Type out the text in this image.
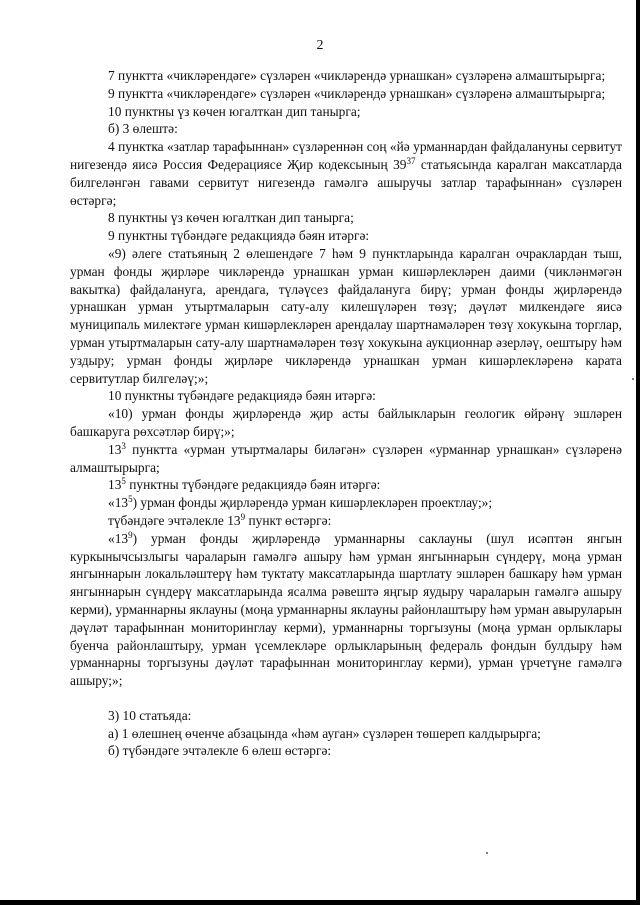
2

7 пунктта «чикләрендәге» сүзләрен «чикләрендә урнашкан» сүзләренә алмаштырырга;

9 пунктта «чикләрендәге» сүзләрен «чикләрендә урнашкан» сүзләренә алмаштырырга;

10 пунктны үз көчен югалткан дип танырга;

б) 3 өлештә:

4 пунктка «затлар тарафыннан» сүзләреннән соң «йә урманнардан файдалануны сервитут нигезендә яисә Россия Федерациясе Җир кодексының $39^{37}$ статьясында каралган максатларда билгеләнгән гавами сервитут нигезендә гамәлгә ашыручы затлар тарафыннан» сүзләрен өстәргә;

8 пунктны үз көчен югалткан дип танырга;

9 пунктны түбәндәге редакциядә бәян итәргә:

«9) әлеге статьяның 2 өлешендәге 7 һәм 9 пунктларында каралган очраклардан тыш, урман фонды җирләре чикләрендә урнашкан урман кишәрлекләрен даими (чикләнмәгән вакытка) файдалануга, арендага, түләүсез файдалануга бирү; урман фонды җирләрендә урнашкан урман утыртмаларын сату-алу килешүләрен төзү; дәүләт милкендәге яисә муниципаль милектәге урман кишәрлекләрен арендалау шартнамәләрен төзү хокукына торглар, урман утыртмаларын сату-алу шартнамәләрен төзү хокукына аукционнар әзерләү, оештыру һәм уздыру; урман фонды җирләре чикләрендә урнашкан урман кишәрлекләренә карата сервитутлар билгеләү;»;

10 пунктны түбәндәге редакциядә бәян итәргә:

«10) урман фонды җирләрендә җир асты байлыкларын геологик өйрәнү эшләрен башкаруга рөхсәтләр бирү;»;

$13^3$ пунктта «урман утыртмалары биләгән» сүзләрен «урманнар урнашкан» сүзләренә алмаштырырга;

$13^5$ пунктны түбәндәге редакциядә бәян итәргә:

«$13^5$) урман фонды җирләрендә урман кишәрлекләрен проектлау;»;

түбәндәге эчтәлекле $13^9$ пункт өстәргә:

«$13^9$) урман фонды җирләрендә урманнарны саклауны (шул исәптән янгын куркынычсызлыгы чараларын гамәлгә ашыру һәм урман янгыннарын сүндерү, моңа урман янгыннарын локальләштерү һәм туктату максатларында шартлату эшләрен башкару һәм урман янгыннарын сүндерү максатларында ясалма рәвештә яңгыр яудыру чараларын гамәлгә ашыру керми), урманнарны яклауны (моңа урманнарны яклауны районлаштыру һәм урман авыруларын дәүләт тарафыннан мониторинглау керми), урманнарны торгызуны (моңа урман орлыклары буенча районлаштыру, урман үсемлекләре орлыкларының федераль фондын булдыру һәм урманнарны торгызуны дәүләт тарафыннан мониторинглау керми), урман үрчетүне гамәлгә ашыру;»;

3) 10 статьяда:

а) 1 өлешнең өченче абзацында «һәм ауган» сүзләрен төшереп калдырырга;

б) түбәндәге эчтәлекле 6 өлеш өстәргә:
